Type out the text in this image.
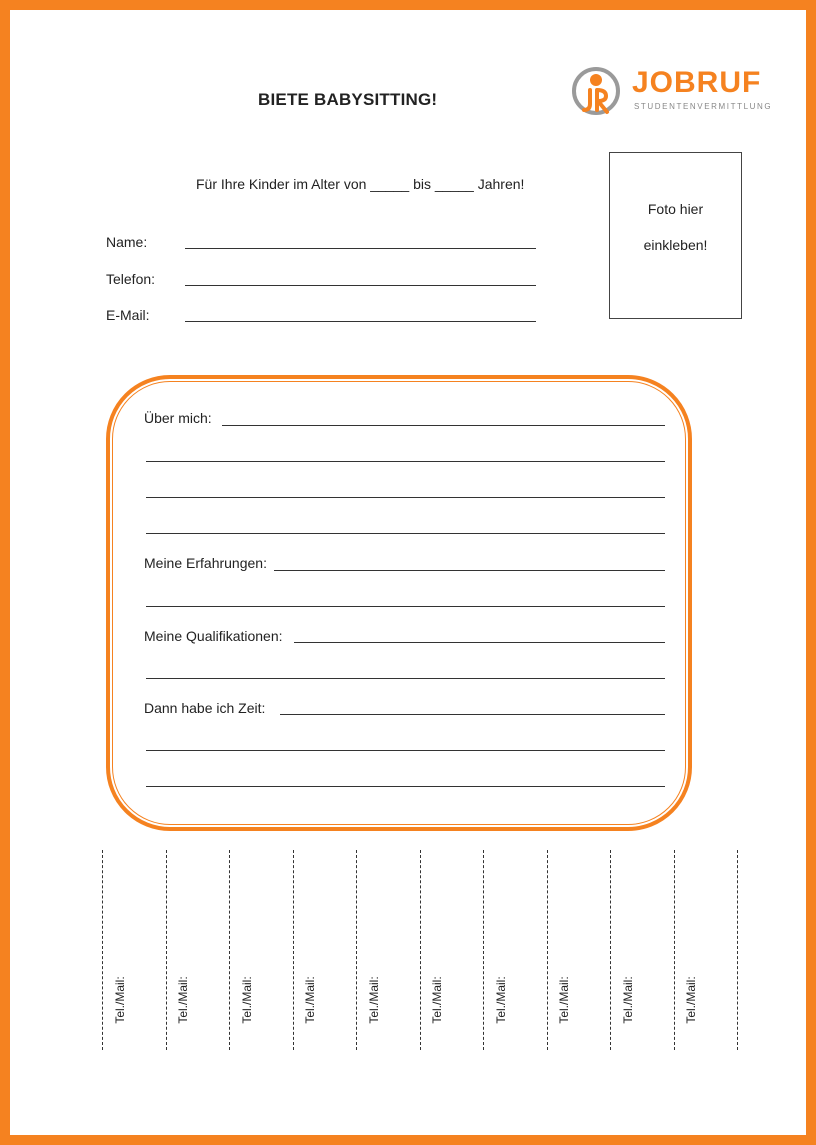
BIETE BABYSITTING!
JOBRUF
STUDENTENVERMITTLUNG
Für Ihre Kinder im Alter von _____ bis _____ Jahren!
Name:
Telefon:
E-Mail:
Foto hier
einkleben!
Über mich:
Meine Erfahrungen:
Meine Qualifikationen:
Dann habe ich Zeit:
Tel./Mail:	Tel./Mail:	Tel./Mail:	Tel./Mail:	Tel./Mail:	Tel./Mail:	Tel./Mail:	Tel./Mail:	Tel./Mail:	Tel./Mail:
